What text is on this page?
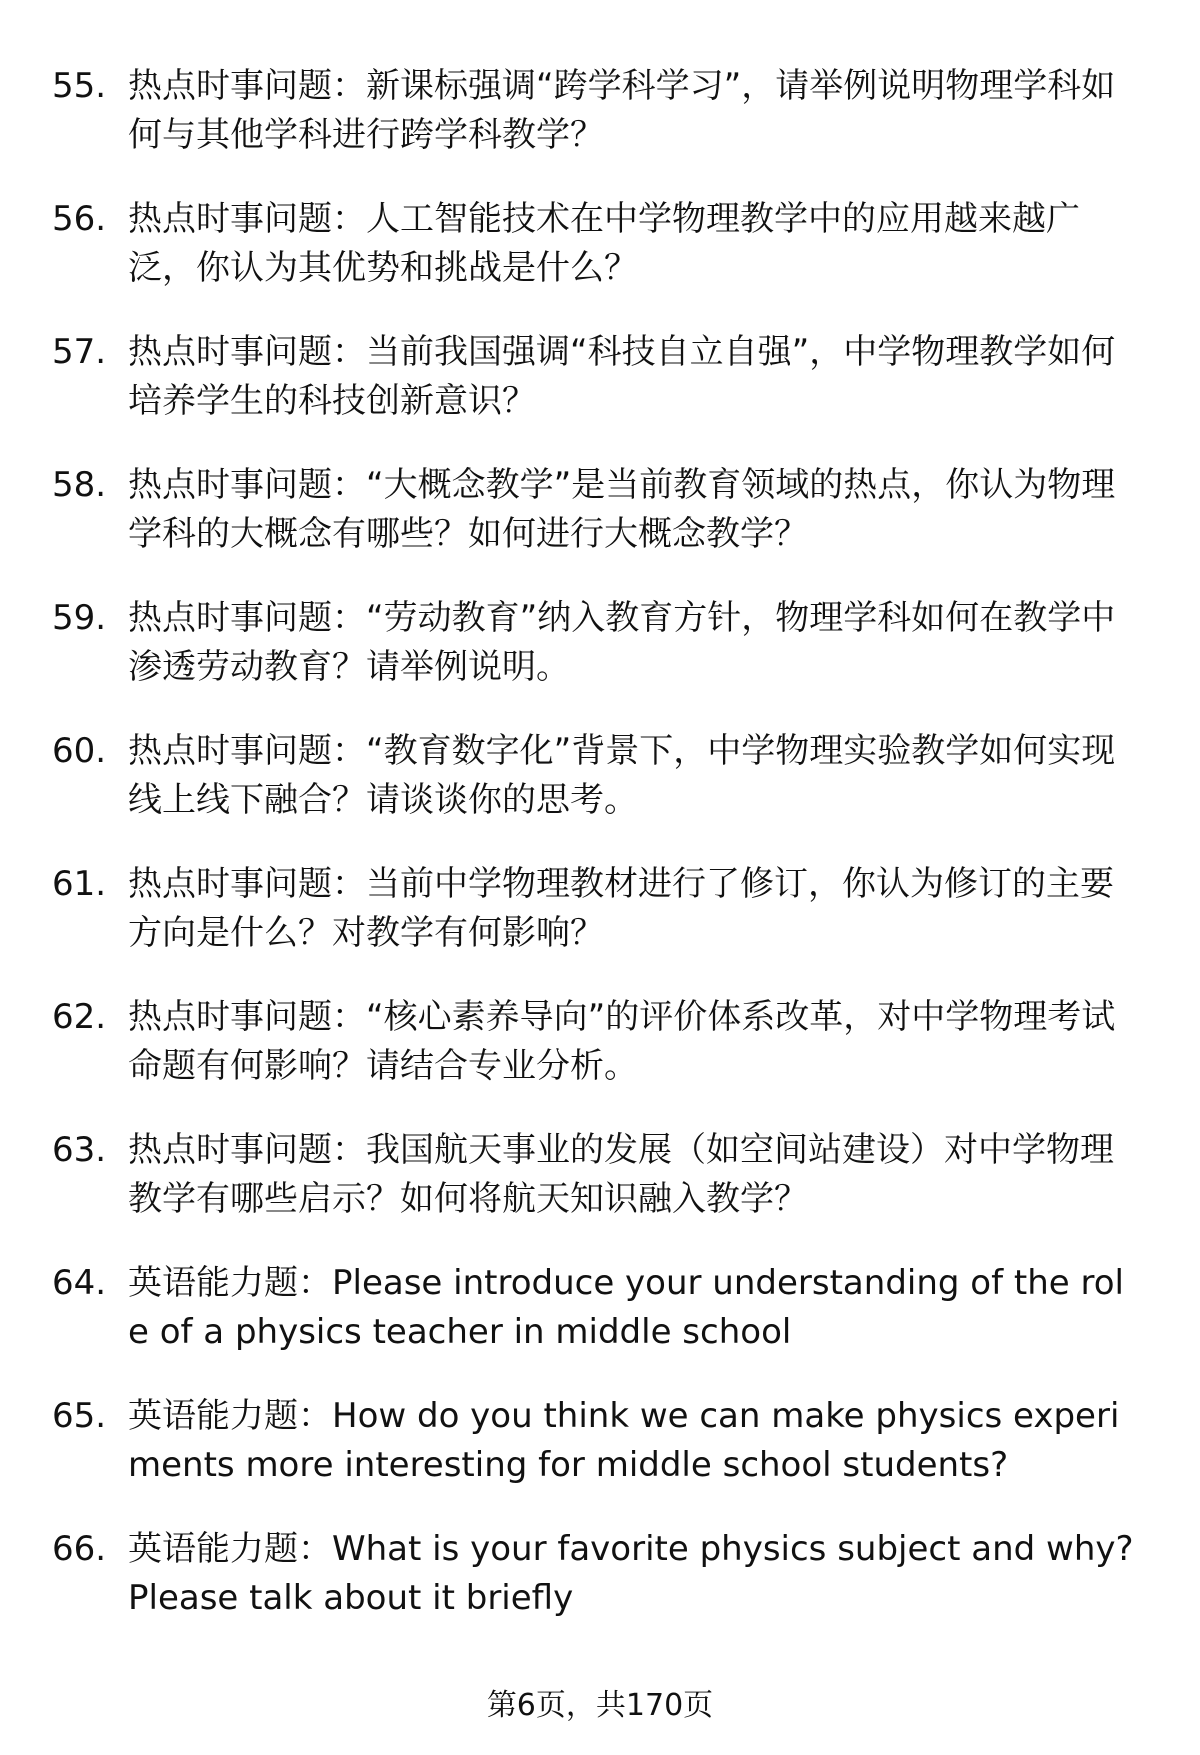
55. 热点时事问题：新课标强调“跨学科学习”，请举例说明物理学科如何与其他学科进行跨学科教学？
56. 热点时事问题：人工智能技术在中学物理教学中的应用越来越广泛，你认为其优势和挑战是什么？
57. 热点时事问题：当前我国强调“科技自立自强”，中学物理教学如何培养学生的科技创新意识？
58. 热点时事问题：“大概念教学”是当前教育领域的热点，你认为物理学科的大概念有哪些？如何进行大概念教学？
59. 热点时事问题：“劳动教育”纳入教育方针，物理学科如何在教学中渗透劳动教育？请举例说明。
60. 热点时事问题：“教育数字化”背景下，中学物理实验教学如何实现线上线下融合？请谈谈你的思考。
61. 热点时事问题：当前中学物理教材进行了修订，你认为修订的主要方向是什么？对教学有何影响？
62. 热点时事问题：“核心素养导向”的评价体系改革，对中学物理考试命题有何影响？请结合专业分析。
63. 热点时事问题：我国航天事业的发展（如空间站建设）对中学物理教学有哪些启示？如何将航天知识融入教学？
64. 英语能力题：Please introduce your understanding of the role of a physics teacher in middle school
65. 英语能力题：How do you think we can make physics experiments more interesting for middle school students?
66. 英语能力题：What is your favorite physics subject and why? Please talk about it briefly
第6页，共170页
